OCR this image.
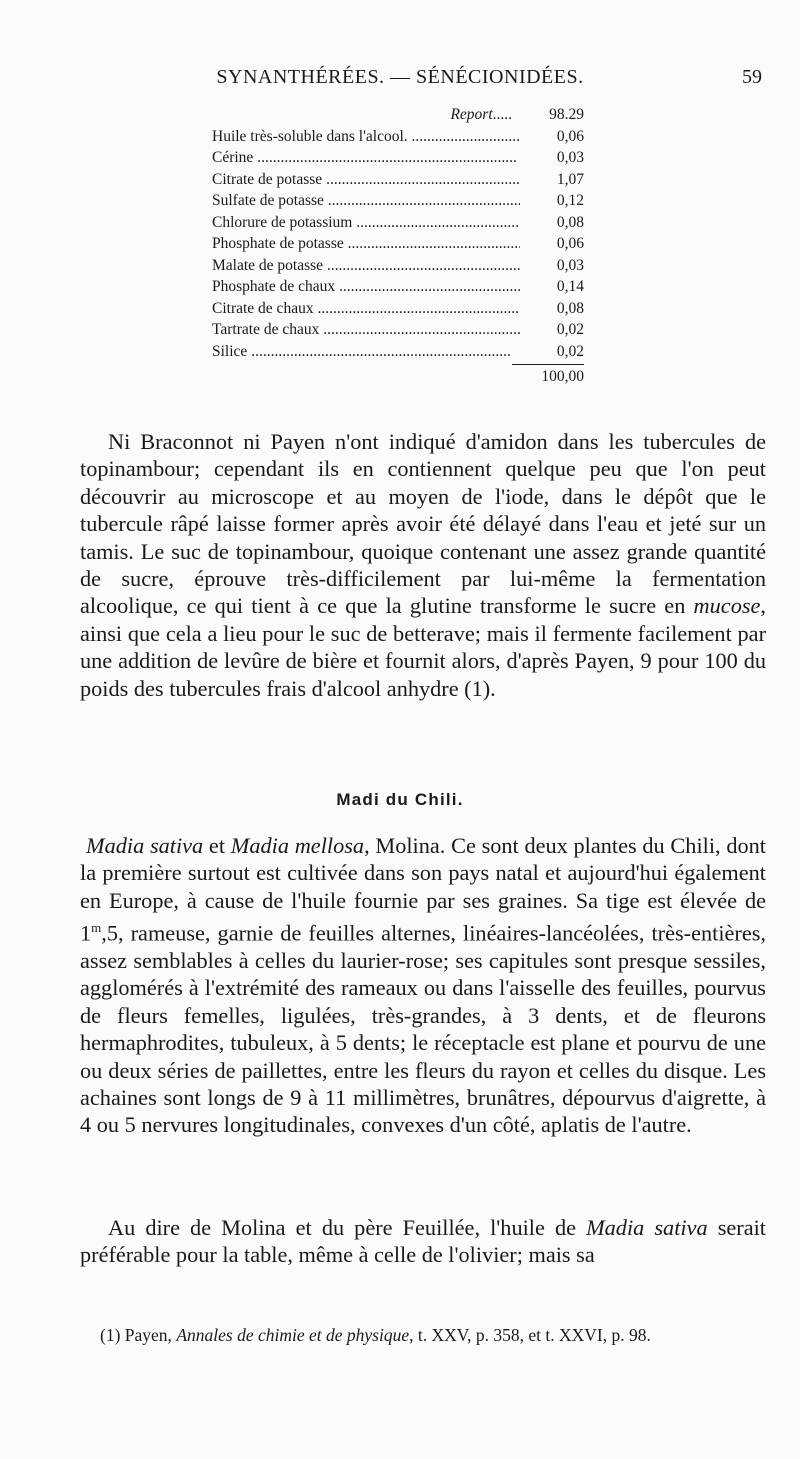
SYNANTHÉRÉES. — SÉNÉCIONIDÉES.	59
Report .....	98.29
Huile très-soluble dans l'alcool. .....	0,06
Cérine .....	0,03
Citrate de potasse .....	1,07
Sulfate de potasse .....	0,12
Chlorure de potassium .....	0,08
Phosphate de potasse .....	0,06
Malate de potasse .....	0,03
Phosphate de chaux .....	0,14
Citrate de chaux .....	0,08
Tartrate de chaux .....	0,02
Silice .....	0,02
100,00

Ni Braconnot ni Payen n'ont indiqué d'amidon dans les tubercules de topinambour; cependant ils en contiennent quelque peu que l'on peut découvrir au microscope et au moyen de l'iode, dans le dépôt que le tubercule râpé laisse former après avoir été délayé dans l'eau et jeté sur un tamis. Le suc de topinambour, quoique contenant une assez grande quantité de sucre, éprouve très-difficilement par lui-même la fermentation alcoolique, ce qui tient à ce que la glutine transforme le sucre en mucose, ainsi que cela a lieu pour le suc de betterave; mais il fermente facilement par une addition de levûre de bière et fournit alors, d'après Payen, 9 pour 100 du poids des tubercules frais d'alcool anhydre (1).

Madi du Chili.

Madia sativa et Madia mellosa, Molina. Ce sont deux plantes du Chili, dont la première surtout est cultivée dans son pays natal et aujourd'hui également en Europe, à cause de l'huile fournie par ses graines. Sa tige est élevée de 1$^m$,5, rameuse, garnie de feuilles alternes, linéaires-lancéolées, très-entières, assez semblables à celles du laurier-rose; ses capitules sont presque sessiles, agglomérés à l'extrémité des rameaux ou dans l'aisselle des feuilles, pourvus de fleurs femelles, ligulées, très-grandes, à 3 dents, et de fleurons hermaphrodites, tubuleux, à 5 dents; le réceptacle est plane et pourvu de une ou deux séries de paillettes, entre les fleurs du rayon et celles du disque. Les achaines sont longs de 9 à 11 millimètres, brunâtres, dépourvus d'aigrette, à 4 ou 5 nervures longitudinales, convexes d'un côté, aplatis de l'autre.

Au dire de Molina et du père Feuillée, l'huile de Madia sativa serait préférable pour la table, même à celle de l'olivier; mais sa

(1) Payen, Annales de chimie et de physique, t. XXV, p. 358, et t. XXVI, p. 98.
